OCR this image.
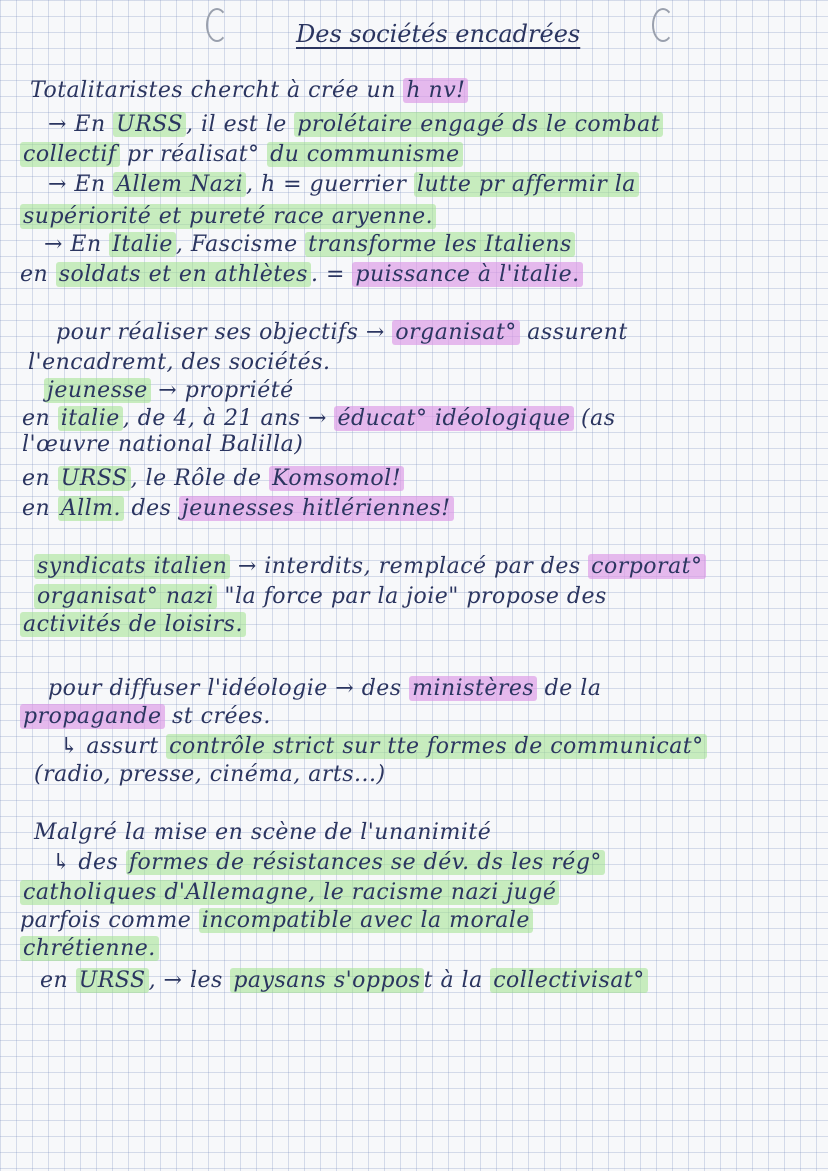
Des sociétés encadrées
Totalitaristes chercht à crée un h nv!
→ En URSS , il est le prolétaire engagé ds le combat
collectif pr réalisat° du communisme
→ En Allem Nazi , h = guerrier lutte pr affermir la
supériorité et pureté race aryenne.
→ En Italie , Fascisme transforme les Italiens
en soldats et en athlètes . = puissance à l'italie.
pour réaliser ses objectifs → organisat° assurent
l'encadremt, des sociétés.
jeunesse → propriété
en italie , de 4, à 21 ans → éducat° idéologique (as
l'œuvre national Balilla)
en URSS , le Rôle de Komsomol!
en Allm. des jeunesses hitlériennes!
syndicats italien → interdits, remplacé par des corporat°
organisat° nazi "la force par la joie" propose des
activités de loisirs.
pour diffuser l'idéologie → des ministères de la
propagande st crées.
↳ assurt contrôle strict sur tte formes de communicat°
(radio, presse, cinéma, arts...)
Malgré la mise en scène de l'unanimité
↳ des formes de résistances se dév. ds les rég°
catholiques d'Allemagne, le racisme nazi jugé
parfois comme incompatible avec la morale
chrétienne.
en URSS , → les paysans s'oppos t à la collectivisat°
